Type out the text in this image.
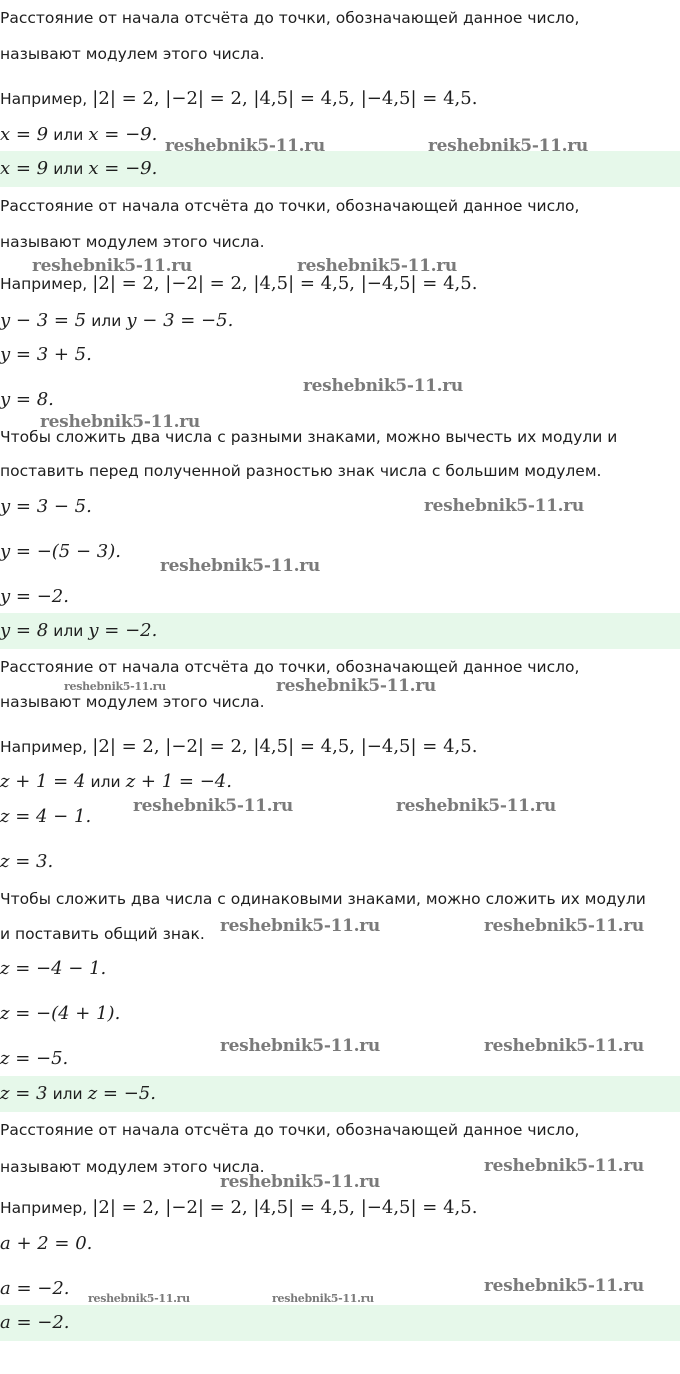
Расстояние от начала отсчёта до точки, обозначающей данное число,
называют модулем этого числа.
Например, |2| = 2, |−2| = 2, |4,5| = 4,5, |−4,5| = 4,5.
x = 9 или x = −9.
x = 9 или x = −9.
Расстояние от начала отсчёта до точки, обозначающей данное число,
называют модулем этого числа.
Например, |2| = 2, |−2| = 2, |4,5| = 4,5, |−4,5| = 4,5.
y − 3 = 5 или y − 3 = −5.
y = 3 + 5.
y = 8.
Чтобы сложить два числа с разными знаками, можно вычесть их модули и
поставить перед полученной разностью знак числа с большим модулем.
y = 3 − 5.
y = −(5 − 3).
y = −2.
y = 8 или y = −2.
Расстояние от начала отсчёта до точки, обозначающей данное число,
называют модулем этого числа.
Например, |2| = 2, |−2| = 2, |4,5| = 4,5, |−4,5| = 4,5.
z + 1 = 4 или z + 1 = −4.
z = 4 − 1.
z = 3.
Чтобы сложить два числа с одинаковыми знаками, можно сложить их модули
и поставить общий знак.
z = −4 − 1.
z = −(4 + 1).
z = −5.
z = 3 или z = −5.
Расстояние от начала отсчёта до точки, обозначающей данное число,
называют модулем этого числа.
Например, |2| = 2, |−2| = 2, |4,5| = 4,5, |−4,5| = 4,5.
a + 2 = 0.
a = −2.
a = −2.
reshebnik5-11.ru	reshebnik5-11.ru
reshebnik5-11.ru	reshebnik5-11.ru
reshebnik5-11.ru
reshebnik5-11.ru
reshebnik5-11.ru
reshebnik5-11.ru
reshebnik5-11.ru	reshebnik5-11.ru
reshebnik5-11.ru	reshebnik5-11.ru
reshebnik5-11.ru	reshebnik5-11.ru
reshebnik5-11.ru	reshebnik5-11.ru
reshebnik5-11.ru
reshebnik5-11.ru
reshebnik5-11.ru
reshebnik5-11.ru	reshebnik5-11.ru
